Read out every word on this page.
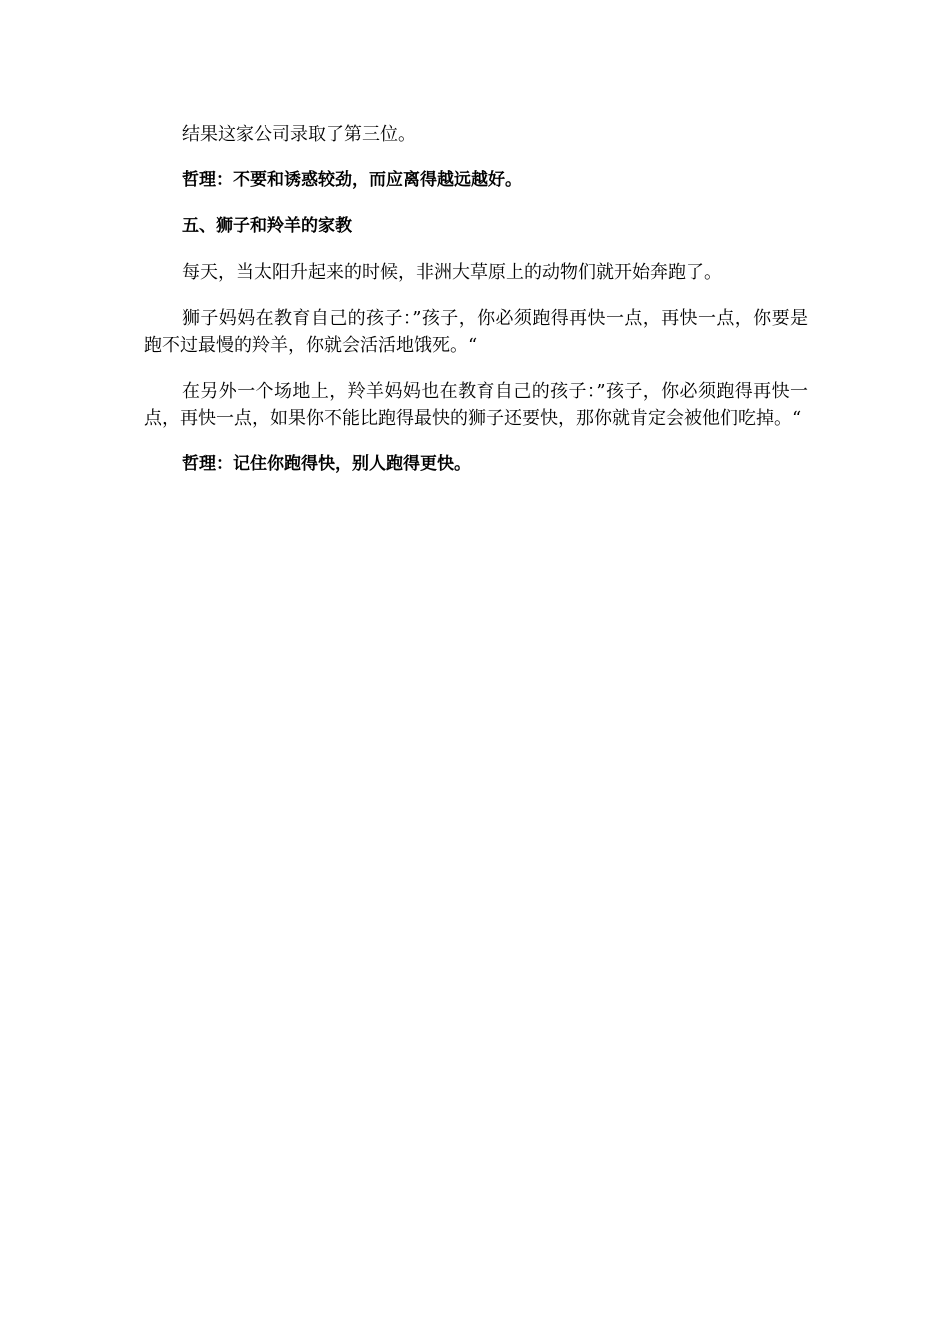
结果这家公司录取了第三位。

哲理：不要和诱惑较劲，而应离得越远越好。

五、狮子和羚羊的家教

每天，当太阳升起来的时候，非洲大草原上的动物们就开始奔跑了。

狮子妈妈在教育自己的孩子：”孩子，你必须跑得再快一点，再快一点，你要是跑不过最慢的羚羊，你就会活活地饿死。“

在另外一个场地上，羚羊妈妈也在教育自己的孩子：”孩子，你必须跑得再快一点，再快一点，如果你不能比跑得最快的狮子还要快，那你就肯定会被他们吃掉。“

哲理：记住你跑得快，别人跑得更快。
